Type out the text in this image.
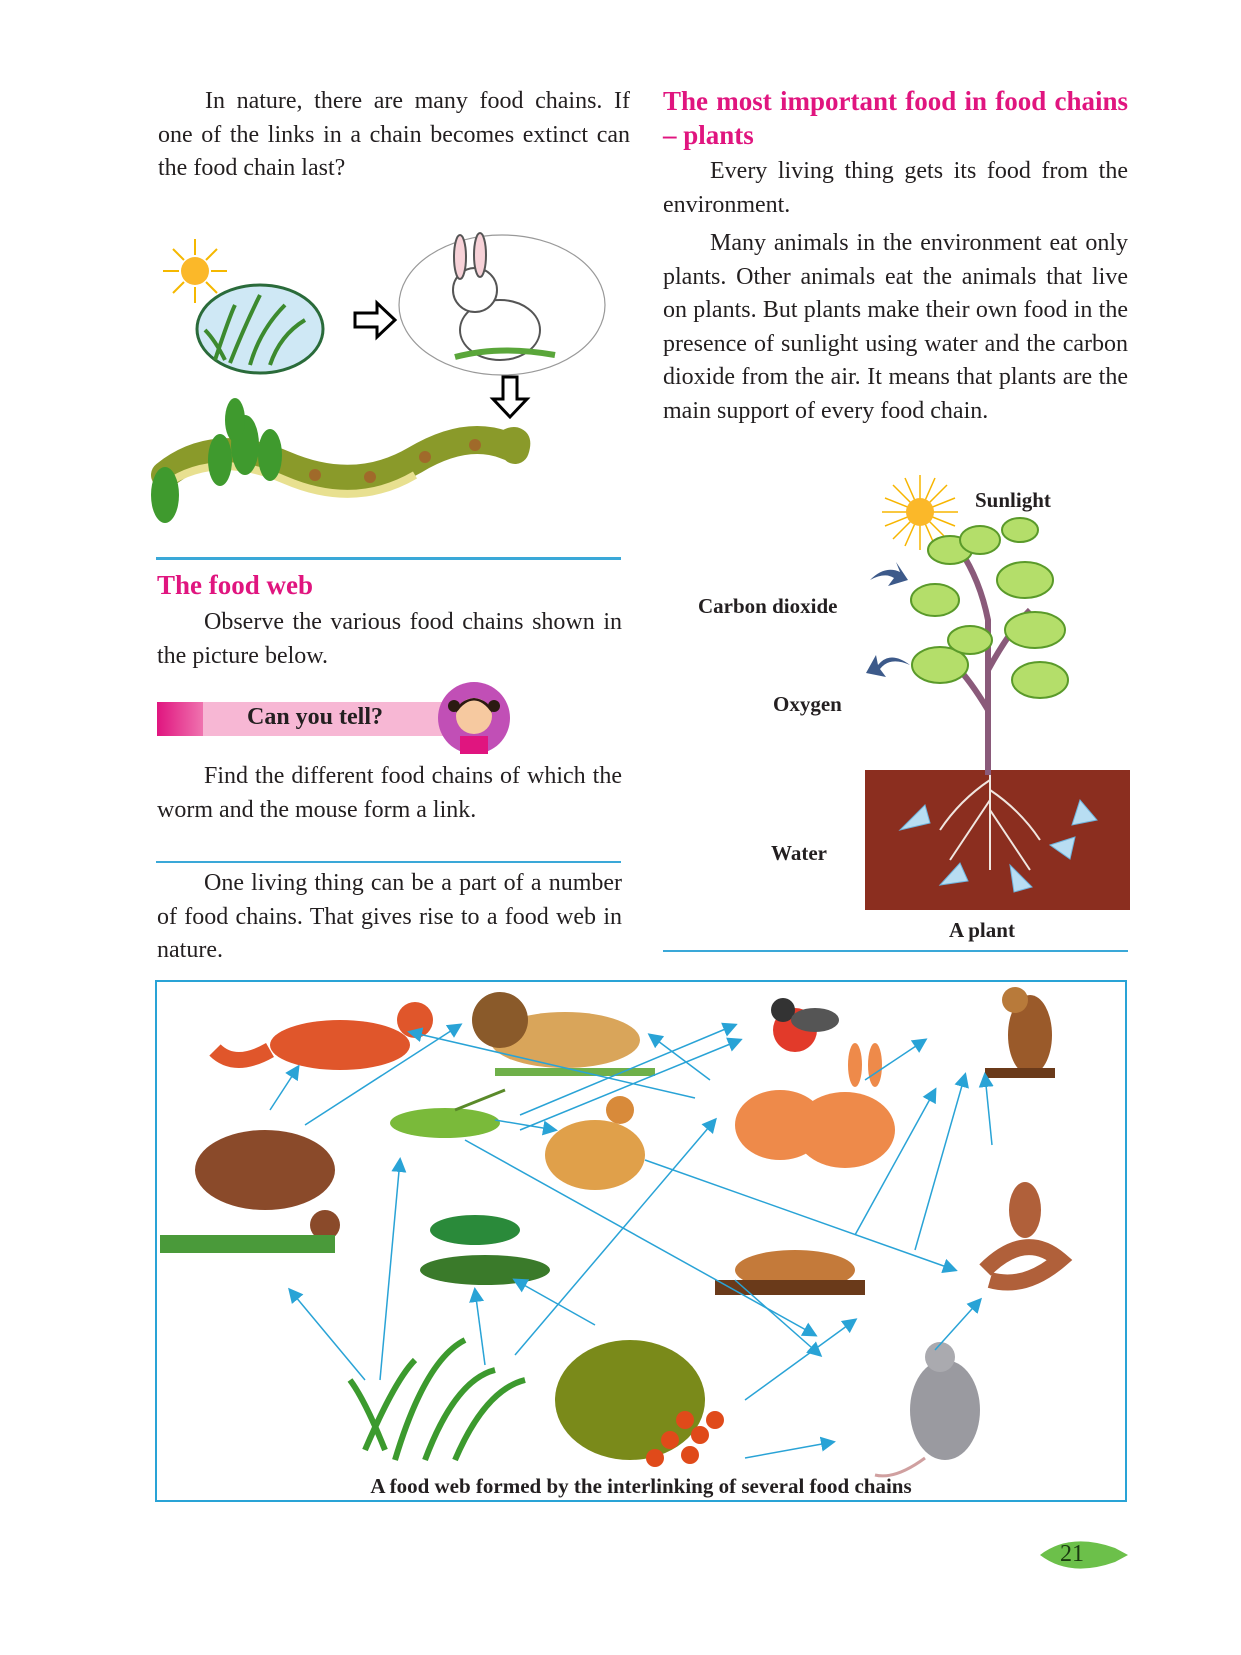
In nature, there are many food chains. If one of the links in a chain becomes extinct can the food chain last?

The food web

Observe the various food chains shown in the picture below.

Can you tell?

Find the different food chains of which the worm and the mouse form a link.

One living thing can be a part of a number of food chains. That gives rise to a food web in nature.

The most important food in food chains – plants

Every living thing gets its food from the environment.

Many animals in the environment eat only plants. Other animals eat the animals that live on plants. But plants make their own food in the presence of sunlight using water and the carbon dioxide from the air. It means that plants are the main support of every food chain.

Sunlight
Carbon dioxide
Oxygen
Water
A plant
A food web formed by the interlinking of several food chains
21
